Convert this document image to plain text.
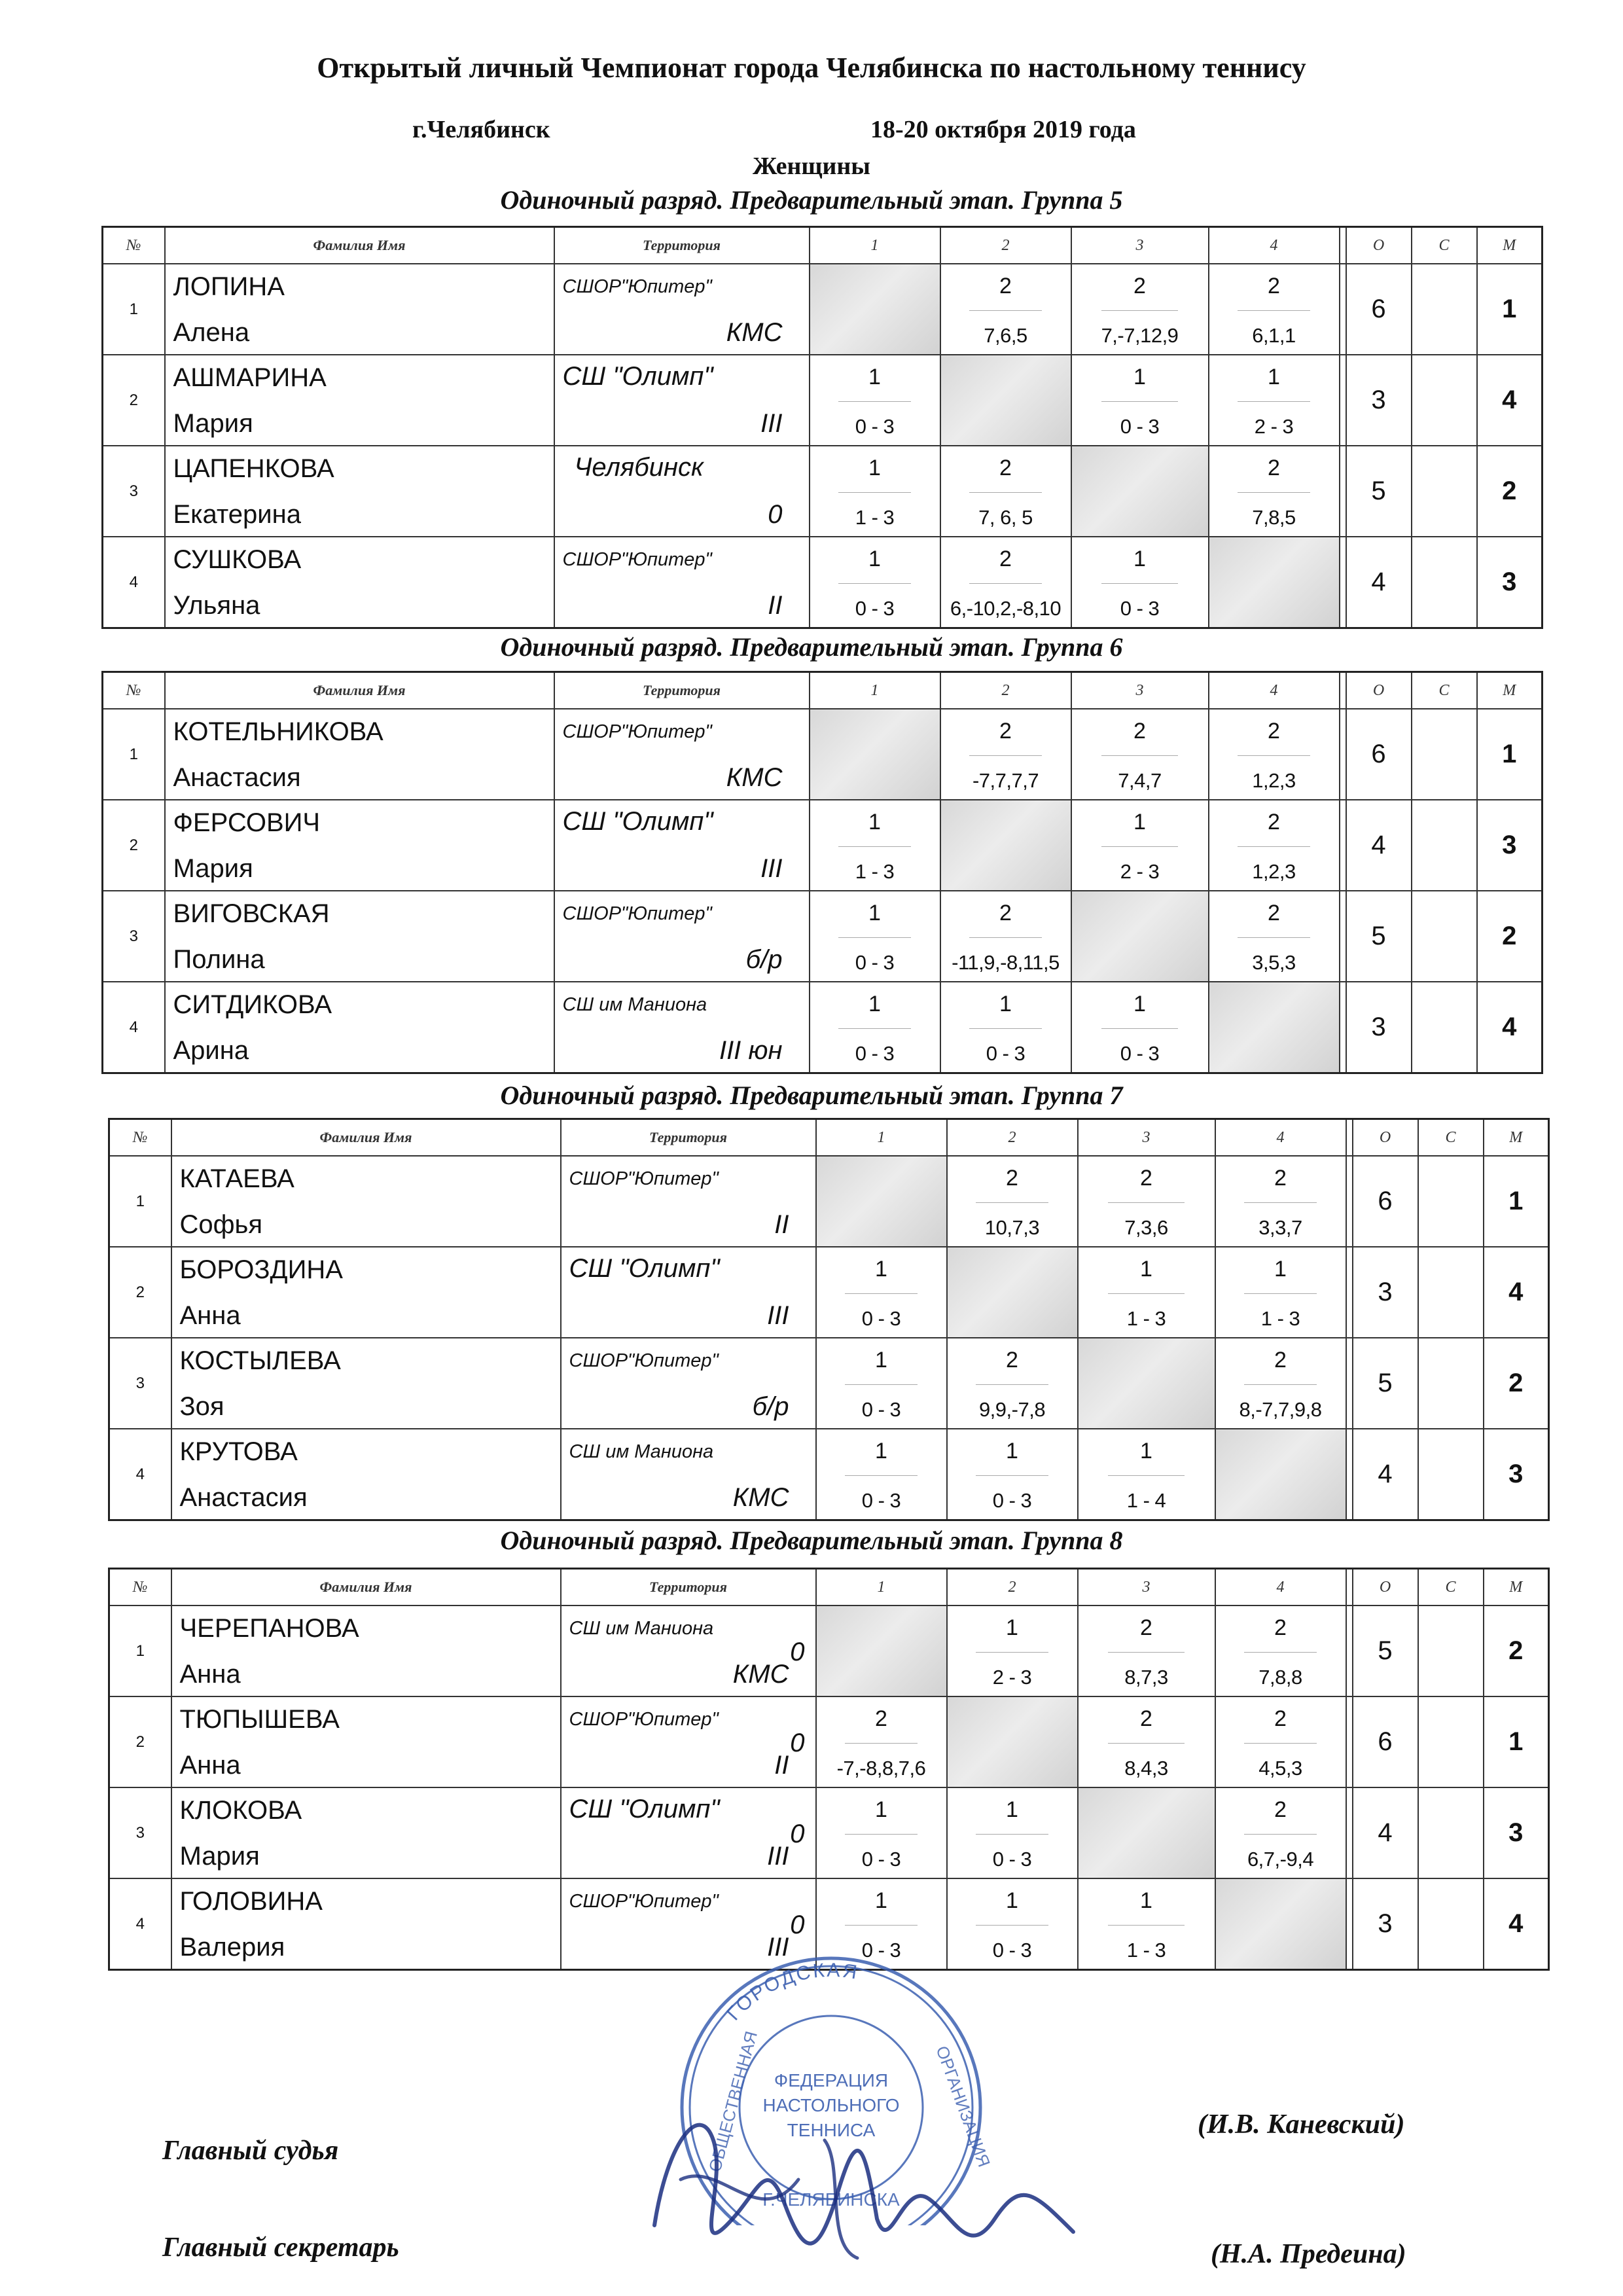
Открытый личный Чемпионат города Челябинска по настольному теннису
г.Челябинск	18-20 октября 2019 года
Женщины
Одиночный разряд. Предварительный этап. Группа 5
№	Фамилия Имя	Территория	1	2	3	4		О	С	М
1	ЛОПИНА
Алена	СШОР"Юпитер"
КМС		2
7,6,5	2
7,-7,12,9	2
6,1,1		6		1
2	АШМАРИНА
Мария	СШ "Олимп"
III	1
0 - 3		1
0 - 3	1
2 - 3		3		4
3	ЦАПЕНКОВА
Екатерина	Челябинск
0	1
1 - 3	2
7, 6, 5		2
7,8,5		5		2
4	СУШКОВА
Ульяна	СШОР"Юпитер"
II	1
0 - 3	2
6,-10,2,-8,10	1
0 - 3			4		3
Одиночный разряд. Предварительный этап. Группа 6
№	Фамилия Имя	Территория	1	2	3	4		О	С	М
1	КОТЕЛЬНИКОВА
Анастасия	СШОР"Юпитер"
КМС		2
-7,7,7,7	2
7,4,7	2
1,2,3		6		1
2	ФЕРСОВИЧ
Мария	СШ "Олимп"
III	1
1 - 3		1
2 - 3	2
1,2,3		4		3
3	ВИГОВСКАЯ
Полина	СШОР"Юпитер"
б/р	1
0 - 3	2
-11,9,-8,11,5		2
3,5,3		5		2
4	СИТДИКОВА
Арина	СШ им Маниона
III юн	1
0 - 3	1
0 - 3	1
0 - 3			3		4
Одиночный разряд. Предварительный этап. Группа 7
№	Фамилия Имя	Территория	1	2	3	4		О	С	М
1	КАТАЕВА
Софья	СШОР"Юпитер"
II		2
10,7,3	2
7,3,6	2
3,3,7		6		1
2	БОРОЗДИНА
Анна	СШ "Олимп"
III	1
0 - 3		1
1 - 3	1
1 - 3		3		4
3	КОСТЫЛЕВА
Зоя	СШОР"Юпитер"
б/р	1
0 - 3	2
9,9,-7,8		2
8,-7,7,9,8		5		2
4	КРУТОВА
Анастасия	СШ им Маниона
КМС	1
0 - 3	1
0 - 3	1
1 - 4			4		3
Одиночный разряд. Предварительный этап. Группа 8
№	Фамилия Имя	Территория	1	2	3	4		О	С	М
1	ЧЕРЕПАНОВА
Анна	СШ им Маниона
КМС
0		1
2 - 3	2
8,7,3	2
7,8,8		5		2
2	ТЮПЫШЕВА
Анна	СШОР"Юпитер"
II
0	2
-7,-8,8,7,6		2
8,4,3	2
4,5,3		6		1
3	КЛОКОВА
Мария	СШ "Олимп"
III
0	1
0 - 3	1
0 - 3		2
6,7,-9,4		4		3
4	ГОЛОВИНА
Валерия	СШОР"Юпитер"
III
0	1
0 - 3	1
0 - 3	1
1 - 3			3		4
Главный судья
(И.В. Каневский)
Главный секретарь	(Н.А. Предеина)
ГОРОДСКАЯ
ФЕДЕРАЦИЯ
НАСТОЛЬНОГО
ТЕННИСА
ОБЩЕСТВЕННАЯ	ОРГАНИЗАЦИЯ
Г.ЧЕЛЯБИНСКА
